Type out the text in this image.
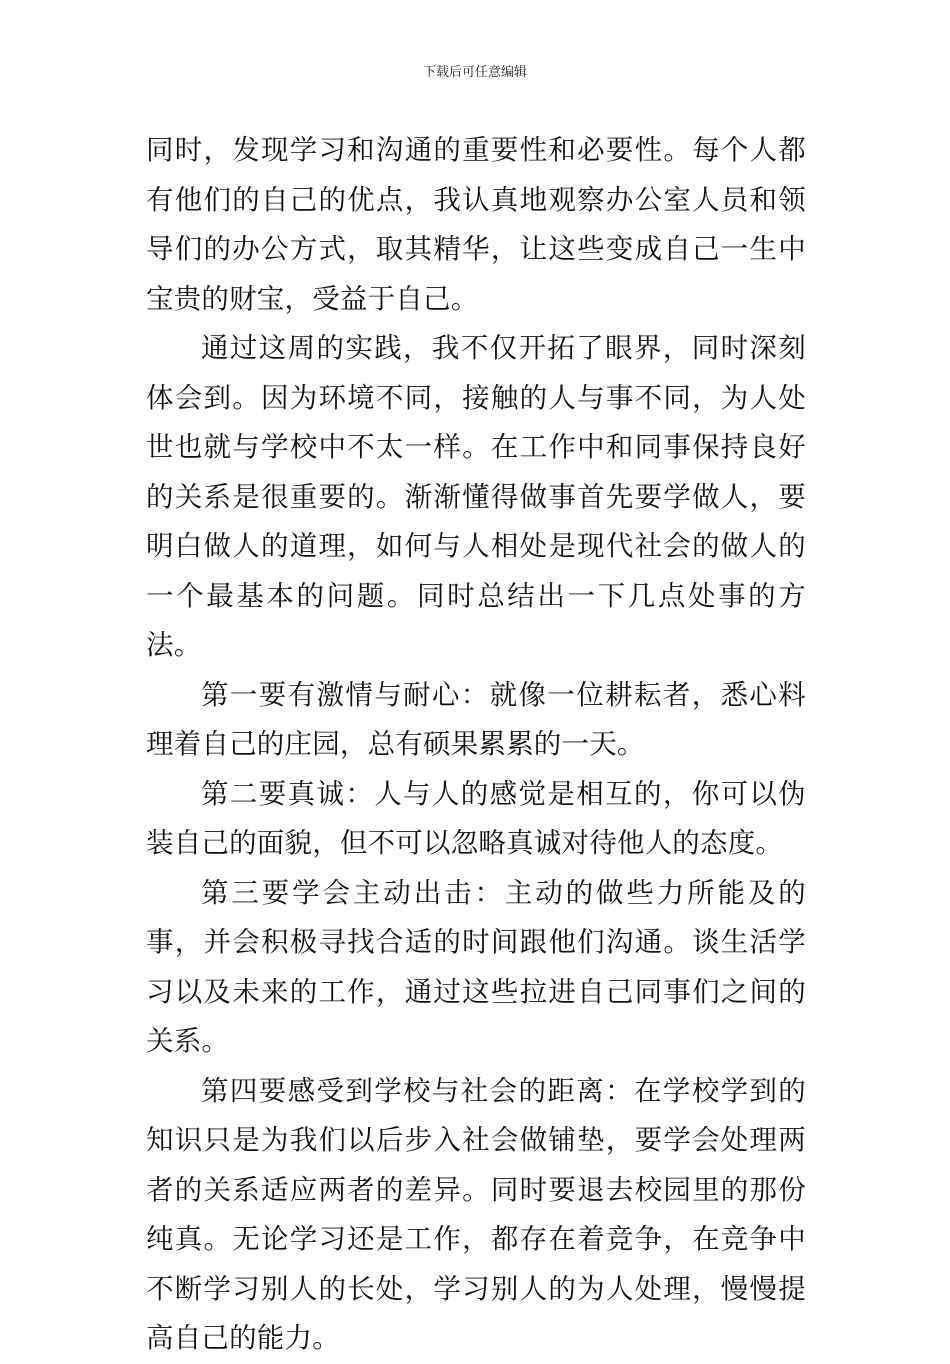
下载后可任意编辑

同时，发现学习和沟通的重要性和必要性。每个人都有他们的自己的优点，我认真地观察办公室人员和领导们的办公方式，取其精华，让这些变成自己一生中宝贵的财宝，受益于自己。

通过这周的实践，我不仅开拓了眼界，同时深刻体会到。因为环境不同，接触的人与事不同，为人处世也就与学校中不太一样。在工作中和同事保持良好的关系是很重要的。渐渐懂得做事首先要学做人，要明白做人的道理，如何与人相处是现代社会的做人的一个最基本的问题。同时总结出一下几点处事的方法。

第一要有激情与耐心：就像一位耕耘者，悉心料理着自己的庄园，总有硕果累累的一天。

第二要真诚：人与人的感觉是相互的，你可以伪装自己的面貌，但不可以忽略真诚对待他人的态度。

第三要学会主动出击：主动的做些力所能及的事，并会积极寻找合适的时间跟他们沟通。谈生活学习以及未来的工作，通过这些拉进自己同事们之间的关系。

第四要感受到学校与社会的距离：在学校学到的知识只是为我们以后步入社会做铺垫，要学会处理两者的关系适应两者的差异。同时要退去校园里的那份纯真。无论学习还是工作，都存在着竞争，在竞争中不断学习别人的长处，学习别人的为人处理，慢慢提高自己的能力。
